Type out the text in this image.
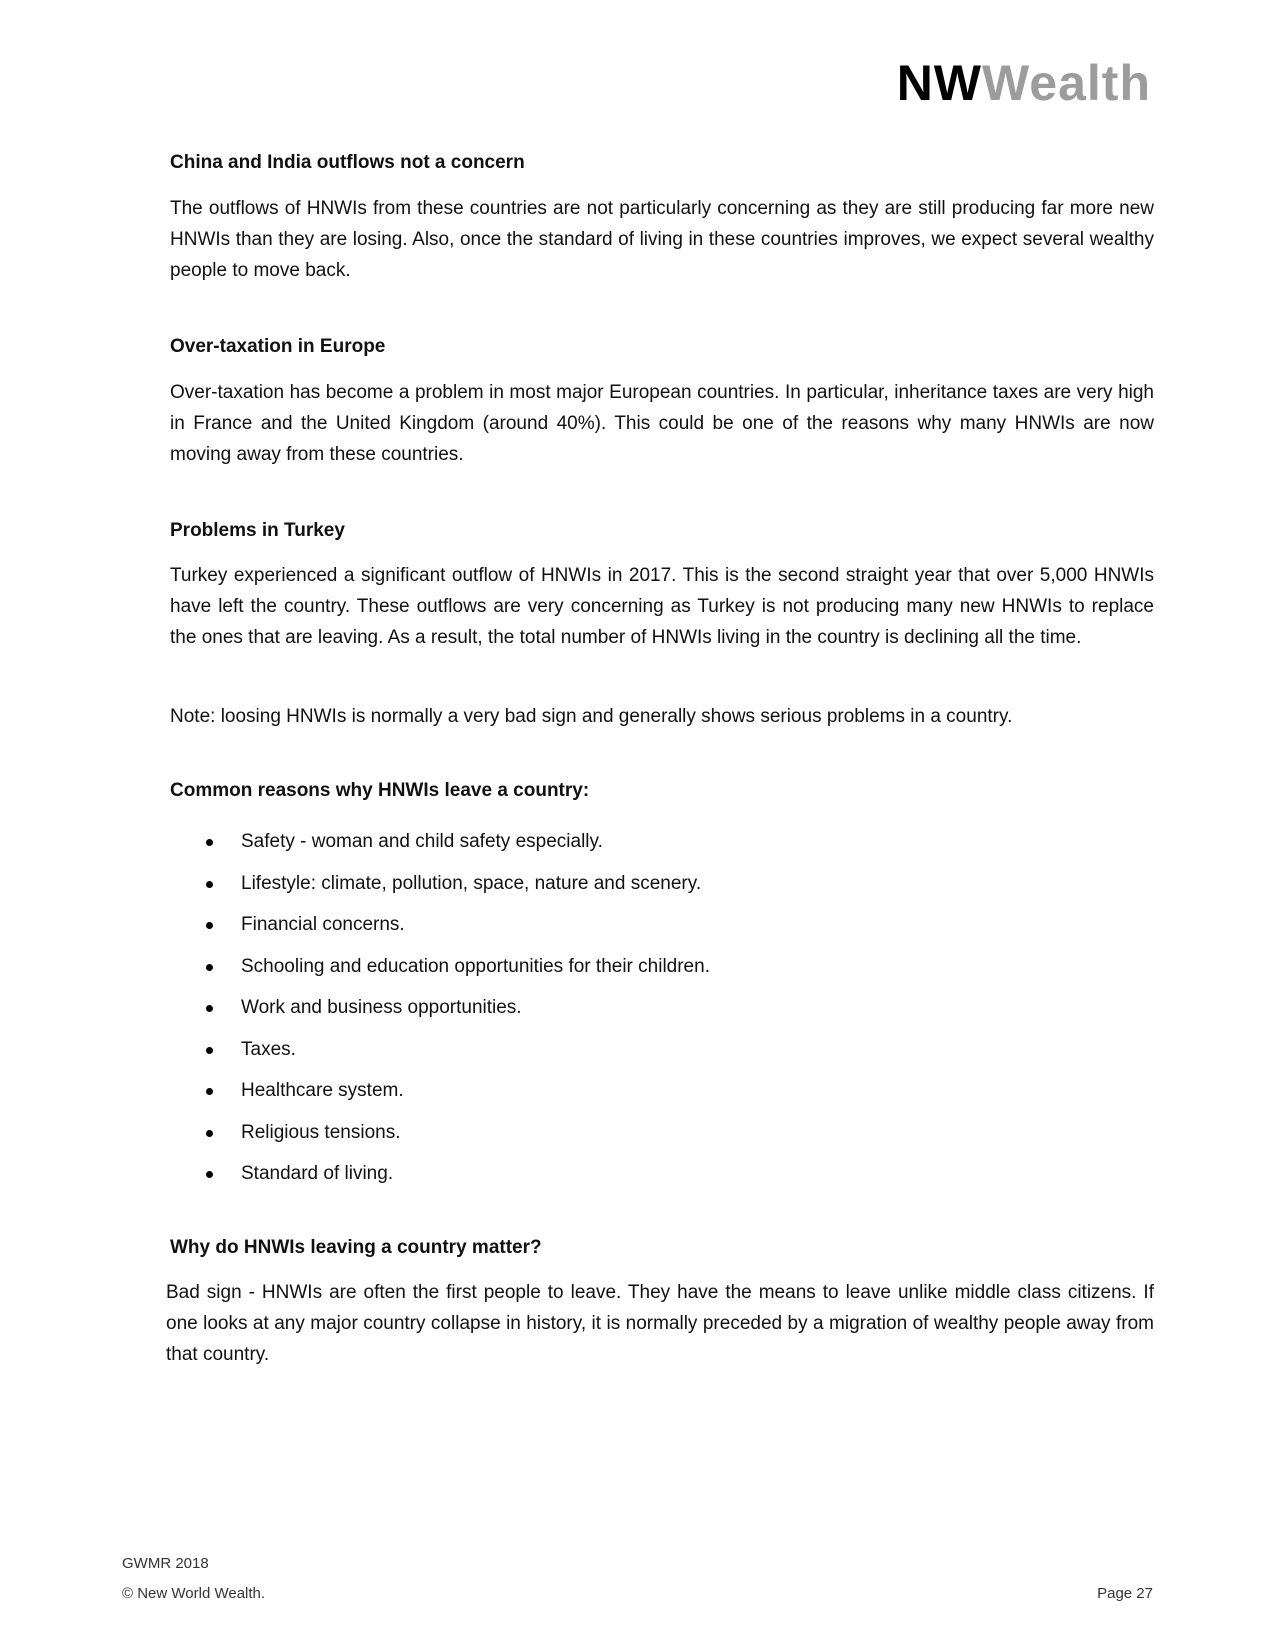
NWWealth

China and India outflows not a concern

The outflows of HNWIs from these countries are not particularly concerning as they are still producing far more new HNWIs than they are losing. Also, once the standard of living in these countries improves, we expect several wealthy people to move back.

Over-taxation in Europe

Over-taxation has become a problem in most major European countries. In particular, inheritance taxes are very high in France and the United Kingdom (around 40%). This could be one of the reasons why many HNWIs are now moving away from these countries.

Problems in Turkey

Turkey experienced a significant outflow of HNWIs in 2017. This is the second straight year that over 5,000 HNWIs have left the country. These outflows are very concerning as Turkey is not producing many new HNWIs to replace the ones that are leaving. As a result, the total number of HNWIs living in the country is declining all the time.

Note: loosing HNWIs is normally a very bad sign and generally shows serious problems in a country.

Common reasons why HNWIs leave a country:

Safety - woman and child safety especially.
Lifestyle: climate, pollution, space, nature and scenery.
Financial concerns.
Schooling and education opportunities for their children.
Work and business opportunities.
Taxes.
Healthcare system.
Religious tensions.
Standard of living.

Why do HNWIs leaving a country matter?

Bad sign - HNWIs are often the first people to leave. They have the means to leave unlike middle class citizens. If one looks at any major country collapse in history, it is normally preceded by a migration of wealthy people away from that country.

GWMR 2018
© New World Wealth.	Page 27
